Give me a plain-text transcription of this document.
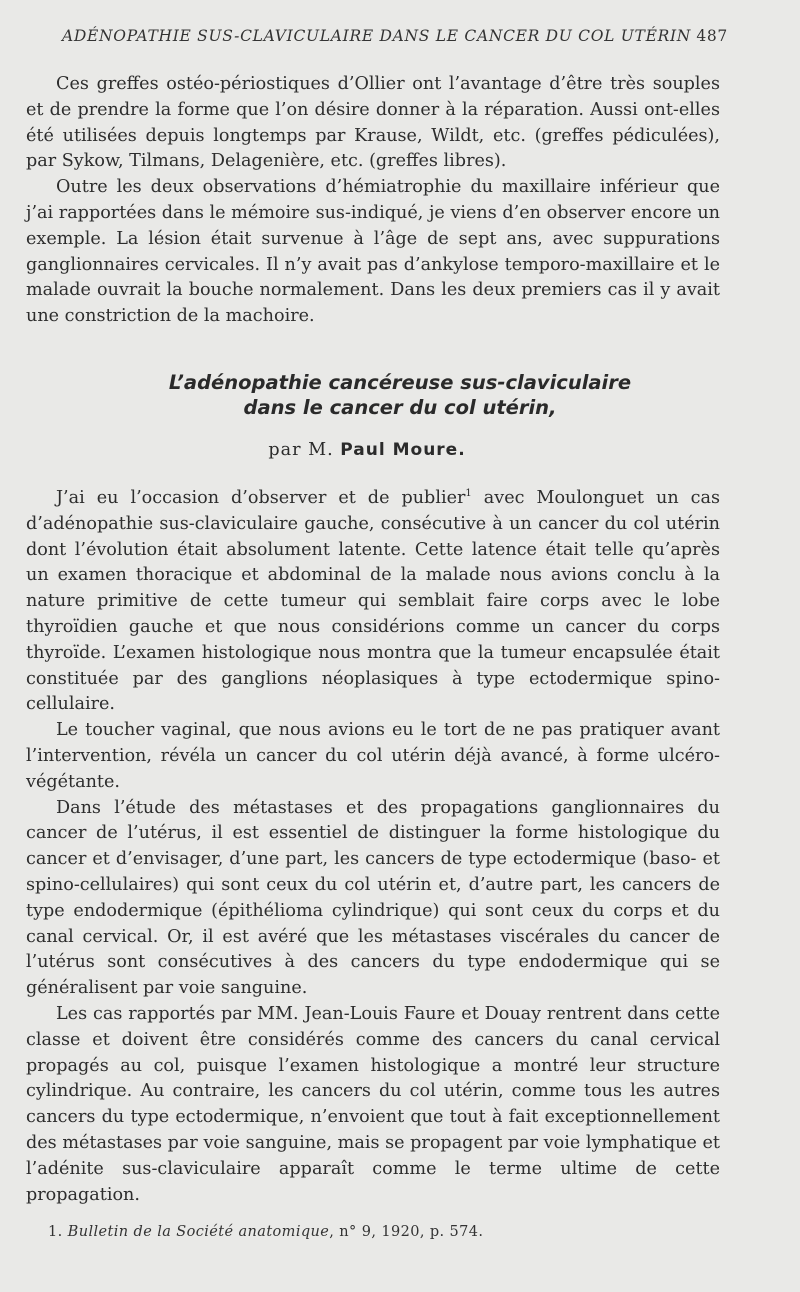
ADÉNOPATHIE SUS-CLAVICULAIRE DANS LE CANCER DU COL UTÉRIN 487

Ces greffes ostéo-périostiques d’Ollier ont l’avantage d’être très souples et de prendre la forme que l’on désire donner à la réparation. Aussi ont-elles été utilisées depuis longtemps par Krause, Wildt, etc. (greffes pédiculées), par Sykow, Tilmans, Delagenière, etc. (greffes libres).

Outre les deux observations d’hémiatrophie du maxillaire inférieur que j’ai rapportées dans le mémoire sus-indiqué, je viens d’en observer encore un exemple. La lésion était survenue à l’âge de sept ans, avec suppurations ganglionnaires cervicales. Il n’y avait pas d’ankylose temporo-maxillaire et le malade ouvrait la bouche normalement. Dans les deux premiers cas il y avait une constriction de la machoire.

L’adénopathie cancéreuse sus-claviculaire
dans le cancer du col utérin,
par M. Paul Moure.

J’ai eu l’occasion d’observer et de publier$^1$ avec Moulonguet un cas d’adénopathie sus-claviculaire gauche, consécutive à un cancer du col utérin dont l’évolution était absolument latente. Cette latence était telle qu’après un examen thoracique et abdominal de la malade nous avions conclu à la nature primitive de cette tumeur qui semblait faire corps avec le lobe thyroïdien gauche et que nous considérions comme un cancer du corps thyroïde. L’examen histologique nous montra que la tumeur encapsulée était constituée par des ganglions néoplasiques à type ectodermique spino-cellulaire.

Le toucher vaginal, que nous avions eu le tort de ne pas pratiquer avant l’intervention, révéla un cancer du col utérin déjà avancé, à forme ulcéro-végétante.

Dans l’étude des métastases et des propagations ganglionnaires du cancer de l’utérus, il est essentiel de distinguer la forme histologique du cancer et d’envisager, d’une part, les cancers de type ectodermique (baso- et spino-cellulaires) qui sont ceux du col utérin et, d’autre part, les cancers de type endodermique (épithélioma cylindrique) qui sont ceux du corps et du canal cervical. Or, il est avéré que les métastases viscérales du cancer de l’utérus sont consécutives à des cancers du type endodermique qui se généralisent par voie sanguine.

Les cas rapportés par MM. Jean-Louis Faure et Douay rentrent dans cette classe et doivent être considérés comme des cancers du canal cervical propagés au col, puisque l’examen histologique a montré leur structure cylindrique. Au contraire, les cancers du col utérin, comme tous les autres cancers du type ectodermique, n’envoient que tout à fait exceptionnellement des métastases par voie sanguine, mais se propagent par voie lymphatique et l’adénite sus-claviculaire apparaît comme le terme ultime de cette propagation.

1. Bulletin de la Société anatomique, n° 9, 1920, p. 574.
